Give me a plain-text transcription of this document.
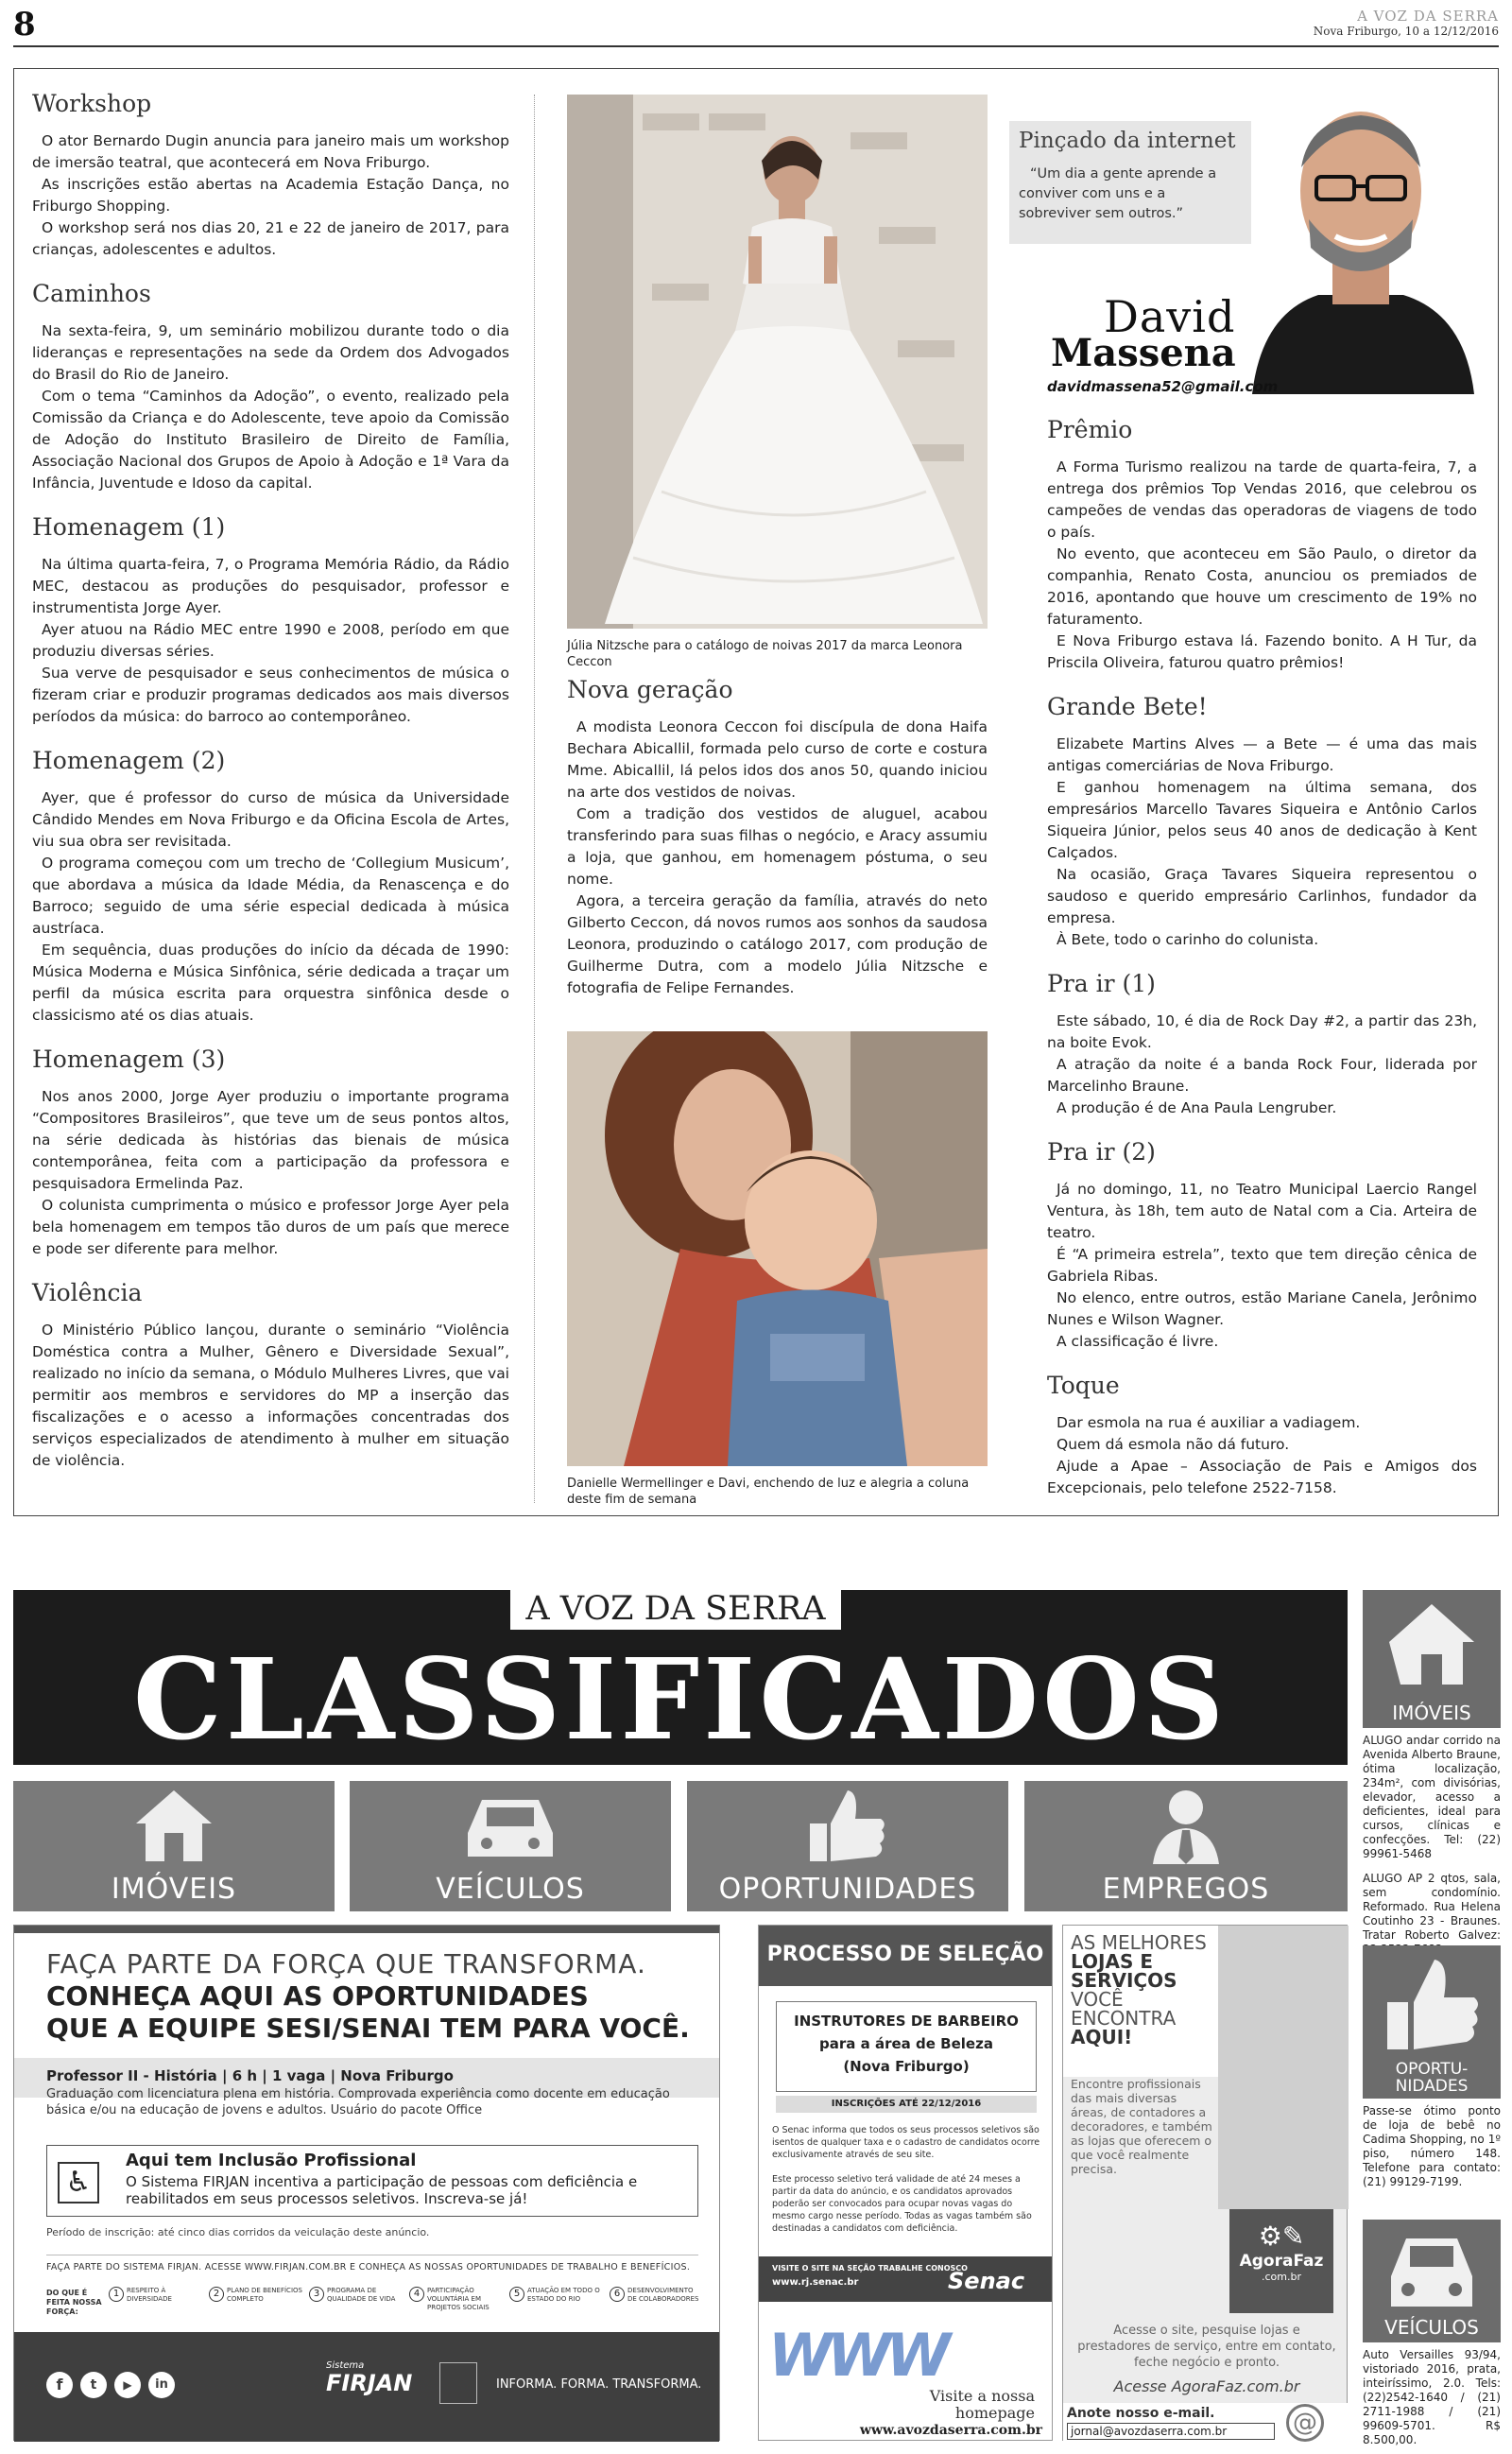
8	A VOZ DA SERRA
Nova Friburgo, 10 a 12/12/2016
Workshop

O ator Bernardo Dugin anuncia para janeiro mais um workshop de imersão teatral, que acontecerá em Nova Friburgo.

As inscrições estão abertas na Academia Estação Dança, no Friburgo Shopping.

O workshop será nos dias 20, 21 e 22 de janeiro de 2017, para crianças, adolescentes e adultos.

Caminhos

Na sexta-feira, 9, um seminário mobilizou durante todo o dia lideranças e representações na sede da Ordem dos Advogados do Brasil do Rio de Janeiro.

Com o tema “Caminhos da Adoção”, o evento, realizado pela Comissão da Criança e do Adolescente, teve apoio da Comissão de Adoção do Instituto Brasileiro de Direito de Família, Associação Nacional dos Grupos de Apoio à Adoção e 1ª Vara da Infância, Juventude e Idoso da capital.

Homenagem (1)

Na última quarta-feira, 7, o Programa Memória Rádio, da Rádio MEC, destacou as produções do pesquisador, professor e instrumentista Jorge Ayer.

Ayer atuou na Rádio MEC entre 1990 e 2008, período em que produziu diversas séries.

Sua verve de pesquisador e seus conhecimentos de música o fizeram criar e produzir programas dedicados aos mais diversos períodos da música: do barroco ao contemporâneo.

Homenagem (2)

Ayer, que é professor do curso de música da Universidade Cândido Mendes em Nova Friburgo e da Oficina Escola de Artes, viu sua obra ser revisitada.

O programa começou com um trecho de ‘Collegium Musicum’, que abordava a música da Idade Média, da Renascença e do Barroco; seguido de uma série especial dedicada à música austríaca.

Em sequência, duas produções do início da década de 1990: Música Moderna e Música Sinfônica, série dedicada a traçar um perfil da música escrita para orquestra sinfônica desde o classicismo até os dias atuais.

Homenagem (3)

Nos anos 2000, Jorge Ayer produziu o importante programa “Compositores Brasileiros”, que teve um de seus pontos altos, na série dedicada às histórias das bienais de música contemporânea, feita com a participação da professora e pesquisadora Ermelinda Paz.

O colunista cumprimenta o músico e professor Jorge Ayer pela bela homenagem em tempos tão duros de um país que merece e pode ser diferente para melhor.

Violência

O Ministério Público lançou, durante o seminário “Violência Doméstica contra a Mulher, Gênero e Diversidade Sexual”, realizado no início da semana, o Módulo Mulheres Livres, que vai permitir aos membros e servidores do MP a inserção das fiscalizações e o acesso a informações concentradas dos serviços especializados de atendimento à mulher em situação de violência.

Júlia Nitzsche para o catálogo de noivas 2017 da marca Leonora Ceccon
Nova geração

A modista Leonora Ceccon foi discípula de dona Haifa Bechara Abicallil, formada pelo curso de corte e costura Mme. Abicallil, lá pelos idos dos anos 50, quando iniciou na arte dos vestidos de noivas.

Com a tradição dos vestidos de aluguel, acabou transferindo para suas filhas o negócio, e Aracy assumiu a loja, que ganhou, em homenagem póstuma, o seu nome.

Agora, a terceira geração da família, através do neto Gilberto Ceccon, dá novos rumos aos sonhos da saudosa Leonora, produzindo o catálogo 2017, com produção de Guilherme Dutra, com a modelo Júlia Nitzsche e fotografia de Felipe Fernandes.

Danielle Wermellinger e Davi, enchendo de luz e alegria a coluna deste fim de semana
Pinçado da internet
“Um dia a gente aprende a conviver com uns e a sobreviver sem outros.”
David
Massena
davidmassena52@gmail.com
Prêmio

A Forma Turismo realizou na tarde de quarta-feira, 7, a entrega dos prêmios Top Vendas 2016, que celebrou os campeões de vendas das operadoras de viagens de todo o país.

No evento, que aconteceu em São Paulo, o diretor da companhia, Renato Costa, anunciou os premiados de 2016, apontando que houve um crescimento de 19% no faturamento.

E Nova Friburgo estava lá. Fazendo bonito. A H Tur, da Priscila Oliveira, faturou quatro prêmios!

Grande Bete!

Elizabete Martins Alves — a Bete — é uma das mais antigas comerciárias de Nova Friburgo.

E ganhou homenagem na última semana, dos empresários Marcello Tavares Siqueira e Antônio Carlos Siqueira Júnior, pelos seus 40 anos de dedicação à Kent Calçados.

Na ocasião, Graça Tavares Siqueira representou o saudoso e querido empresário Carlinhos, fundador da empresa.

À Bete, todo o carinho do colunista.

Pra ir (1)

Este sábado, 10, é dia de Rock Day #2, a partir das 23h, na boite Evok.

A atração da noite é a banda Rock Four, liderada por Marcelinho Braune.

A produção é de Ana Paula Lengruber.

Pra ir (2)

Já no domingo, 11, no Teatro Municipal Laercio Rangel Ventura, às 18h, tem auto de Natal com a Cia. Arteira de teatro.

É “A primeira estrela”, texto que tem direção cênica de Gabriela Ribas.

No elenco, entre outros, estão Mariane Canela, Jerônimo Nunes e Wilson Wagner.

A classificação é livre.

Toque

Dar esmola na rua é auxiliar a vadiagem.

Quem dá esmola não dá futuro.

Ajude a Apae – Associação de Pais e Amigos dos Excepcionais, pelo telefone 2522-7158.

A VOZ DA SERRA
CLASSIFICADOS
IMÓVEIS	VEÍCULOS	OPORTUNIDADES	EMPREGOS
IMÓVEIS
ALUGO andar corrido na Avenida Alberto Braune, ótima localização, 234m², com divisórias, elevador, acesso a deficientes, ideal para cursos, clínicas e confecções. Tel: (22) 99961-5468
ALUGO AP 2 qtos, sala, sem condomínio. Reformado. Rua Helena Coutinho 23 - Braunes. Tratar Roberto Galvez:
OPORTU-NIDADES
Passe-se ótimo ponto de loja de bebê no Cadima Shopping, no 1º piso, número 148. Telefone para contato: (21) 99129-7199.
VEÍCULOS
Auto Versailles 93/94, vistoriado 2016, prata, inteiríssimo, 2.0. Tels: (22)2542-1640 / (21) 2711-1988 / (21) 99609-5701. R$ 8.500,00.
FAÇA PARTE DA FORÇA QUE TRANSFORMA.
CONHEÇA AQUI AS OPORTUNIDADES
QUE A EQUIPE SESI/SENAI TEM PARA VOCÊ.
Professor II - História | 6 h | 1 vaga | Nova Friburgo
Graduação com licenciatura plena em história. Comprovada experiência como docente em educação básica e/ou na educação de jovens e adultos. Usuário do pacote Office
♿
Aqui tem Inclusão Profissional
O Sistema FIRJAN incentiva a participação de pessoas com deficiência e reabilitados em seus processos seletivos. Inscreva-se já!
Período de inscrição: até cinco dias corridos da veiculação deste anúncio.
FAÇA PARTE DO SISTEMA FIRJAN. ACESSE WWW.FIRJAN.COM.BR E CONHEÇA AS NOSSAS OPORTUNIDADES DE TRABALHO E BENEFÍCIOS.
DO QUE É FEITA NOSSA FORÇA:
1	RESPEITO À DIVERSIDADE	2	PLANO DE BENEFÍCIOS COMPLETO	3	PROGRAMA DE QUALIDADE DE VIDA	4	PARTICIPAÇÃO VOLUNTÁRIA EM PROJETOS SOCIAIS
5	ATUAÇÃO EM TODO O ESTADO DO RIO	6	DESENVOLVIMENTO DE COLABORADORES
f	t	▶	in
Sistema
FIRJAN	INFORMA. FORMA. TRANSFORMA.
PROCESSO DE SELEÇÃO
INSTRUTORES DE BARBEIRO
para a área de Beleza
(Nova Friburgo)
INSCRIÇÕES ATÉ 22/12/2016
O Senac informa que todos os seus processos seletivos são isentos de qualquer taxa e o cadastro de candidatos ocorre exclusivamente através de seu site.
Este processo seletivo terá validade de até 24 meses a partir da data do anúncio, e os candidatos aprovados poderão ser convocados para ocupar novas vagas do mesmo cargo nesse período. Todas as vagas também são destinadas a candidatos com deficiência.
VISITE O SITE NA SEÇÃO TRABALHE CONOSCO
www.rj.senac.br	Senac
WWW
Visite a nossa
homepage
www.avozdaserra.com.br
AS MELHORES
LOJAS E
SERVIÇOS
VOCÊ ENCONTRA
AQUI!
Encontre profissionais das mais diversas áreas, de contadores a decoradores, e também as lojas que oferecem o que você realmente precisa.
⚙✎
AgoraFaz
.com.br
Acesse o site, pesquise lojas e prestadores de serviço, entre em contato, feche negócio e pronto.
Acesse AgoraFaz.com.br
Anote nosso e-mail.
jornal@avozdaserra.com.br	@
